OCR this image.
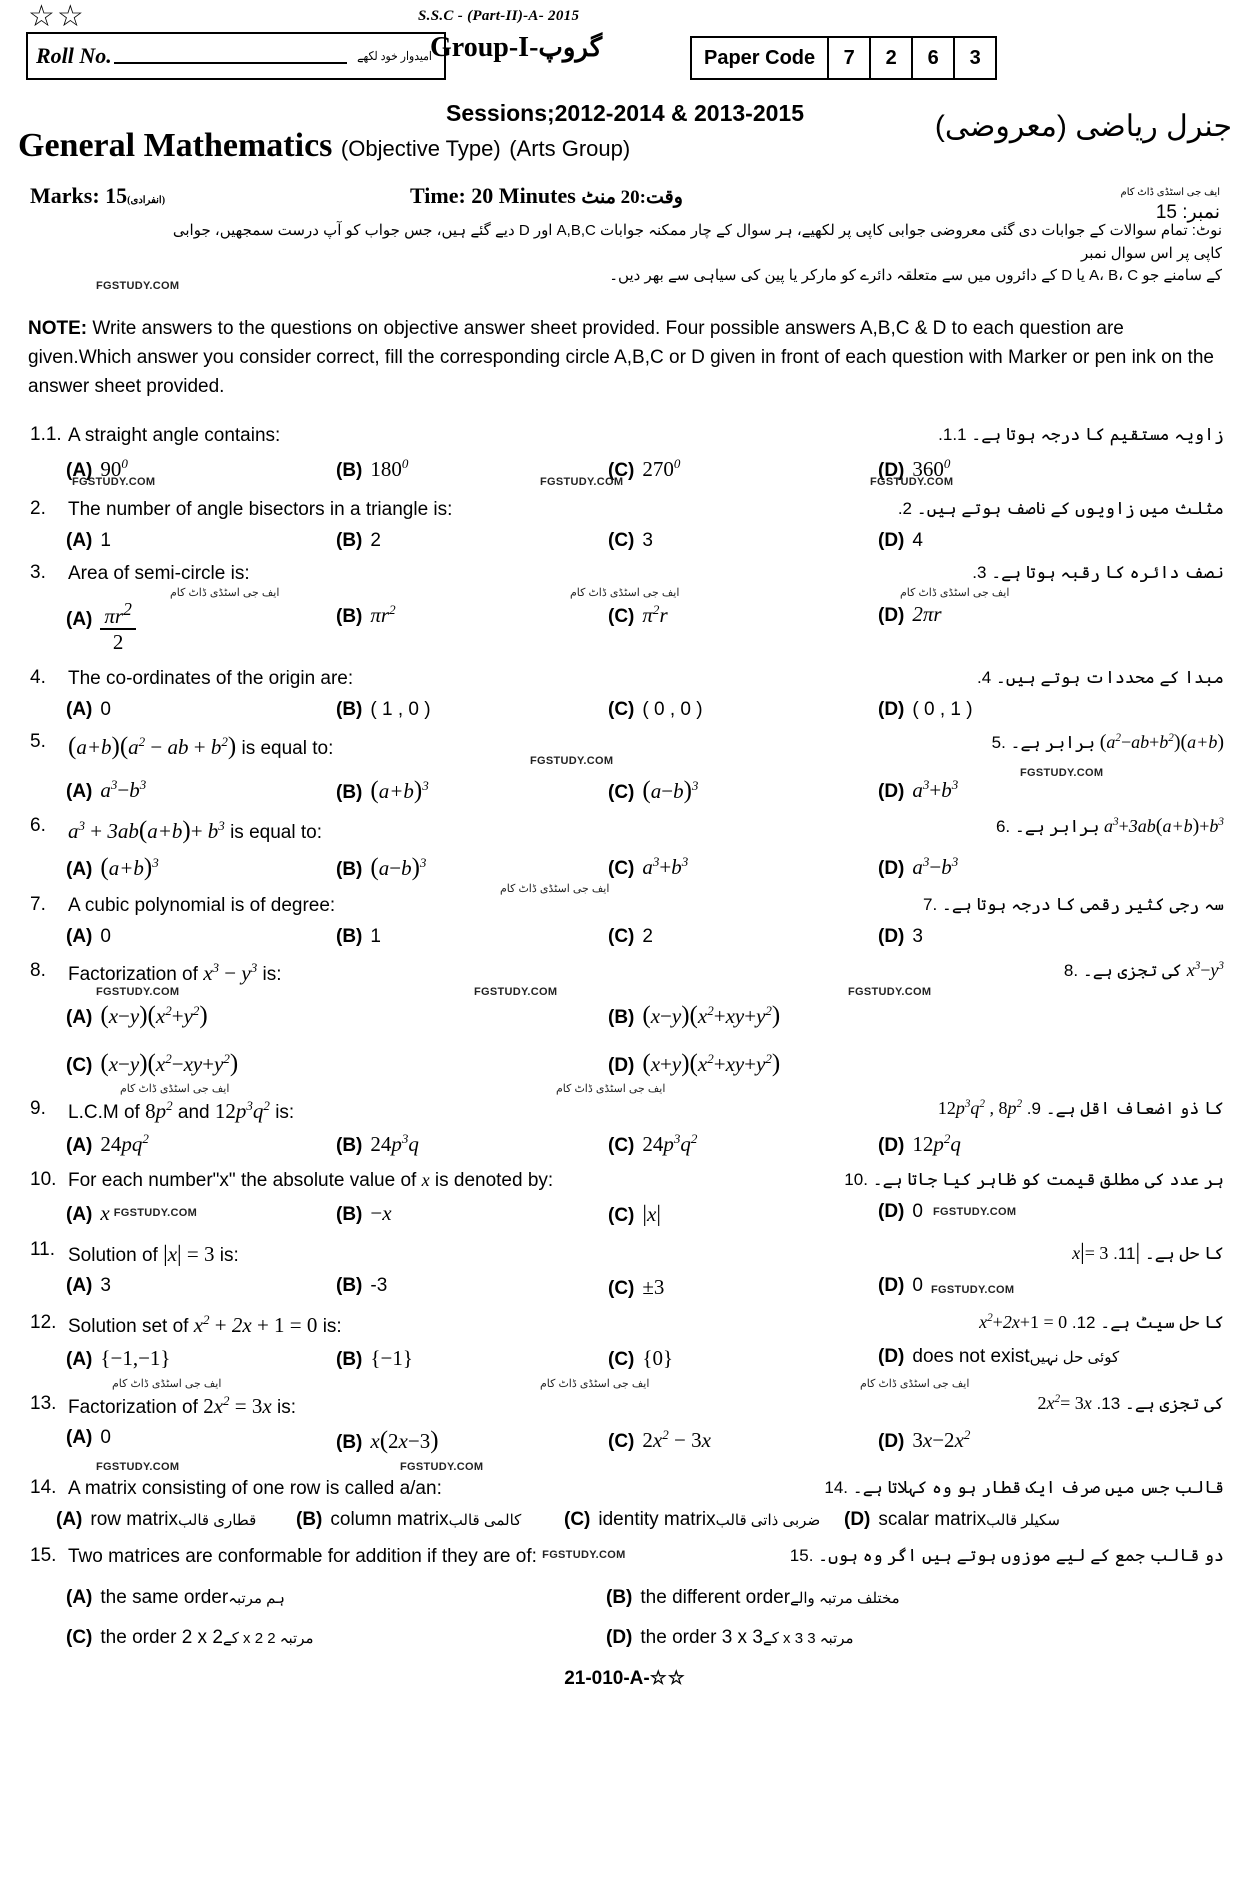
☆☆
Roll No.	امیدوار خود لکھے
S.S.C - (Part-II)-A- 2015
Group-I-گروپ	Paper Code	7	2	6	3
Sessions;2012-2014 & 2013-2015
General Mathematics (Objective Type) (Arts Group)
جنرل ریاضی (معروضی)
Marks: 15(انفرادی)	Time: 20 Minutes وقت:20 منٹ	ایف جی اسٹڈی ڈاٹ کام
نمبر: 15
نوٹ: تمام سوالات کے جوابات دی گئی معروضی جوابی کاپی پر لکھیے، ہر سوال کے چار ممکنہ جوابات A,B,C اور D دیے گئے ہیں، جس جواب کو آپ درست سمجھیں، جوابی کاپی پر اس سوال نمبر
کے سامنے جو A، B، C یا D کے دائروں میں سے متعلقہ دائرے کو مارکر یا پین کی سیاہی سے بھر دیں۔
FGSTUDY.COM
NOTE: Write answers to the questions on objective answer sheet provided. Four possible answers A,B,C & D to each question are given.Which answer you consider correct, fill the corresponding circle A,B,C or D given in front of each question with Marker or pen ink on the answer sheet provided.
1.1. A straight angle contains:	زاویہ مستقیم کا درجہ ہوتا ہے۔ 1.1.
(A) $90^0$	(B) $180^0$	(C) $270^0$	(D) $360^0$
FGSTUDY.COM	FGSTUDY.COM	FGSTUDY.COM
2.	The number of angle bisectors in a triangle is:	مثلث میں زاویوں کے ناصف ہوتے ہیں۔ 2.
(A) 1	(B) 2	(C) 3	(D) 4
3.	Area of semi-circle is:	نصف دائرہ کا رقبہ ہوتا ہے۔ 3.
ایف جی اسٹڈی ڈاٹ کام	ایف جی اسٹڈی ڈاٹ کام	ایف جی اسٹڈی ڈاٹ کام
$(A) \frac{\pi r^2}{2}$	(B) $\pi r^2$	(C) $\pi^2r$	(D) 2πr
4.	The co-ordinates of the origin are:	مبدا کے محددات ہوتے ہیں۔ 4.
(A) 0	(B) ( 1 , 0 )	(C) ( 0 , 0 )	(D) ( 0 , 1 )
5. $(a+b)(a^2$ − ab + $b^2$) is equal to:	$(a+b)(a^2-ab+b^2)$ برابر ہے۔ .5
FGSTUDY.COM
FGSTUDY.COM
(A) $a^3-b^3$	(B) $(a+b)^3$	(C) $(a-b)^3$	(D) $a^3+b^3$
6.	$a^3 + 3ab(a+b)+ b^3$ is equal to:	$a^3+3ab(a+b)+b^3$ برابر ہے۔ .6
(A) $(a+b)^3$	(B) $(a-b)^3$	(C) $a^3+b^3$	(D) $a^3-b^3$
7.	A cubic polynomial is of degree:
ایف جی اسٹڈی ڈاٹ کام
سہ رجی کثیر رقمی کا درجہ ہوتا ہے۔ .7
(A) 0	(B) 1	(C) 2	(D) 3
8.	Factorization of $x^3 - y^3$ is:	$x^3-y^3$ کی تجزی ہے۔ .8
FGSTUDY.COM	FGSTUDY.COM	FGSTUDY.COM
(A) $(x-y)(x^2+y^2)$	(B) $(x-y)(x^2+xy+y^2)$
(C) $(x-y)(x^2-xy+y^2)$	(D) $(x+y)(x^2+xy+y^2)$
ایف جی اسٹڈی ڈاٹ کام	ایف جی اسٹڈی ڈاٹ کام
9.	L.C.M of $8p^2$ and $12p^3q^2$ is:	کا ذو اضعاف اقل ہے۔ $12p^3q^2$ , $8p^2$ .9
(A) $24pq^2$	(B) $24p^3q$	(C) $24p^3q^2$	(D) $12p^2q$
10. For each number"x" the absolute value of x is denoted by:	ہر عدد کی مطلق قیمت کو ظاہر کیا جاتا ہے۔ .10
(A) x FGSTUDY.COM	(B) −x	(C) |x|	(D) 0 FGSTUDY.COM
11. Solution of |x| = 3 is:	کا حل ہے۔ |x|= 3 .11
(A) 3	(B) -3	(C) ±3	(D) 0 FGSTUDY.COM
12. Solution set of $x^2 + 2x + 1 = 0$ is:	کا حل سیٹ ہے۔ $x^2+2x+1 = 0$ .12
(A) {−1,−1}	(B) {−1}	(C) {0}	(D) does not exist کوئی حل نہیں
ایف جی اسٹڈی ڈاٹ کام	ایف جی اسٹڈی ڈاٹ کام	ایف جی اسٹڈی ڈاٹ کام
13. Factorization of $2x^2 = 3x$ is:	کی تجزی ہے۔ $2x^2= 3x$ .13
(A) 0	(B) x(2x−3)	(C) $2x^2 - 3x$	(D) $3x-2x^2$
FGSTUDY.COM	FGSTUDY.COM
14. A matrix consisting of one row is called a/an:	قالب جس میں صرف ایک قطار ہو وہ کہلاتا ہے۔ .14
(A) row matrix قطاری قالب (B) column matrix کالمی قالب (C) identity matrix ضربی ذاتی قالب (D) scalar matrix سکیلر قالب
15. Two matrices are conformable for addition if they are of: $^{FGSTUDY.COM}$	دو قالب جمع کے لیے موزوں ہوتے ہیں اگر وہ ہوں۔ .15
(A) the same order ہم مرتبہ	(B) the different order مختلف مرتبہ والے
(C) the order 2 x 2 مرتبہ 2 x 2 کے	(D) the order 3 x 3 مرتبہ 3 x 3 کے
21-010-A-☆☆
